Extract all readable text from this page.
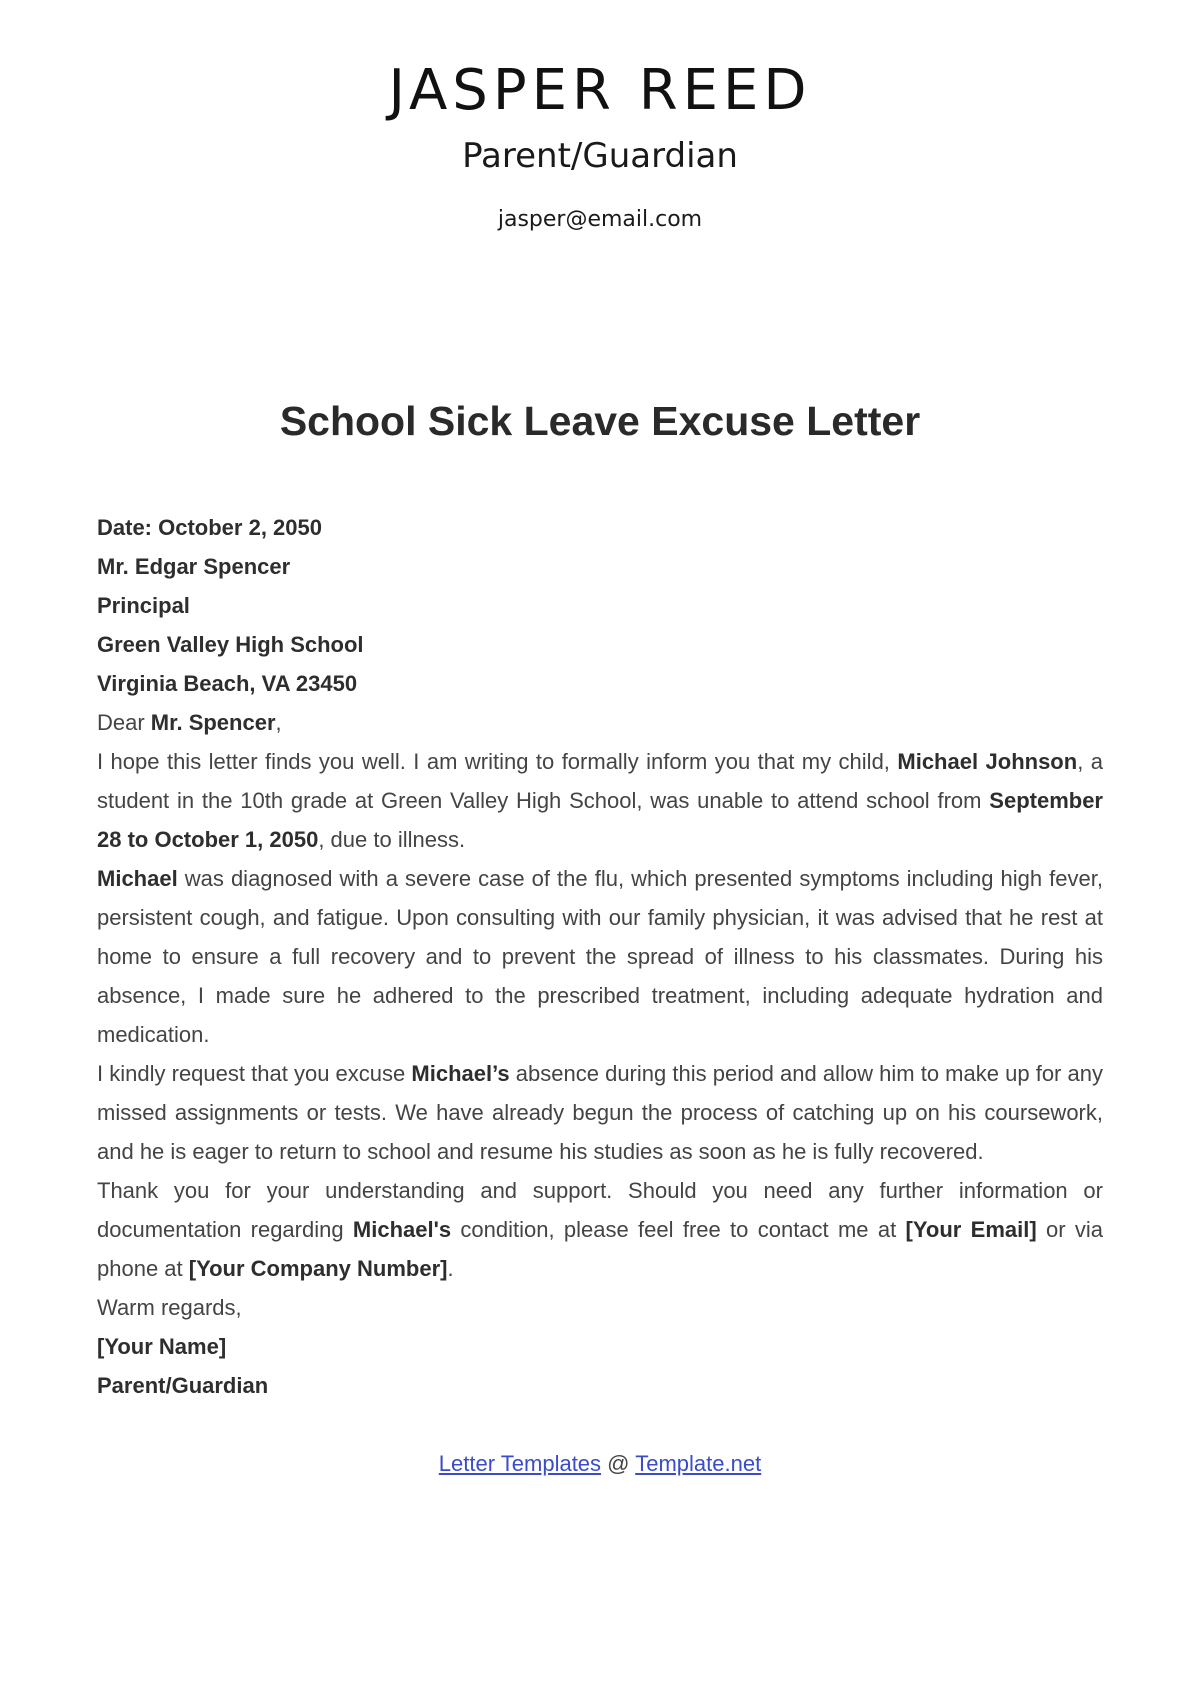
JASPER REED
Parent/Guardian
jasper@email.com
School Sick Leave Excuse Letter

Date: October 2, 2050

Mr. Edgar Spencer

Principal

Green Valley High School

Virginia Beach, VA 23450

Dear Mr. Spencer,

I hope this letter finds you well. I am writing to formally inform you that my child, Michael Johnson, a student in the 10th grade at Green Valley High School, was unable to attend school from September 28 to October 1, 2050, due to illness.

Michael was diagnosed with a severe case of the flu, which presented symptoms including high fever, persistent cough, and fatigue. Upon consulting with our family physician, it was advised that he rest at home to ensure a full recovery and to prevent the spread of illness to his classmates. During his absence, I made sure he adhered to the prescribed treatment, including adequate hydration and medication.

I kindly request that you excuse Michael’s absence during this period and allow him to make up for any missed assignments or tests. We have already begun the process of catching up on his coursework, and he is eager to return to school and resume his studies as soon as he is fully recovered.

Thank you for your understanding and support. Should you need any further information or documentation regarding Michael's condition, please feel free to contact me at [Your Email] or via phone at [Your Company Number].

Warm regards,

[Your Name]

Parent/Guardian

Letter Templates @ Template.net
